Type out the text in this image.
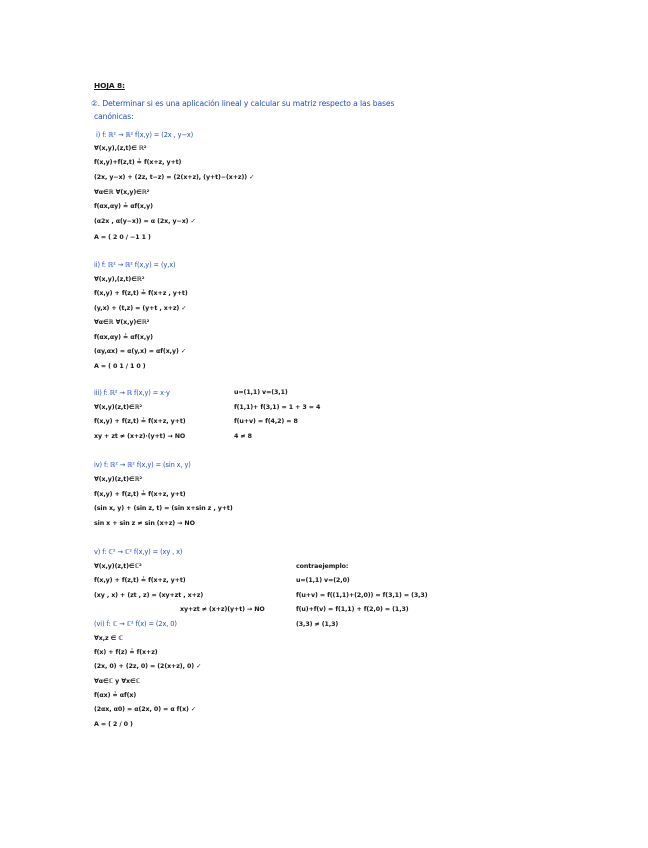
HOJA 8:
②. Determinar si es una aplicación lineal y calcular su matriz respecto a las bases
canónicas:
i) f: ℝ² → ℝ² f(x,y) = (2x , y−x)
∀(x,y),(z,t)∈ ℝ²
f(x,y)+f(z,t) ≟ f(x+z, y+t)
(2x, y−x) + (2z, t−z) = (2(x+z), (y+t)−(x+z)) ✓
∀α∈ℝ ∀(x,y)∈ℝ²
f(αx,αy) ≟ αf(x,y)
(α2x , α(y−x)) = α (2x, y−x) ✓
A = ( 2 0 / −1 1 )
ii) f: ℝ² → ℝ² f(x,y) = (y,x)
∀(x,y),(z,t)∈ℝ²
f(x,y) + f(z,t) ≟ f(x+z , y+t)
(y,x) + (t,z) = (y+t , x+z) ✓
∀α∈ℝ ∀(x,y)∈ℝ²
f(αx,αy) ≟ αf(x,y)
(αy,αx) = α(y,x) = αf(x,y) ✓
A = ( 0 1 / 1 0 )
iii) f: ℝ² → ℝ f(x,y) = x·y	u=(1,1) v=(3,1)
∀(x,y)(z,t)∈ℝ²
f(x,y) + f(z,t) ≟ f(x+z, y+t)
xy + zt ≠ (x+z)·(y+t) → NO
f(1,1)+ f(3,1) = 1 + 3 = 4
f(u+v) = f(4,2) = 8
4 ≠ 8
iv) f: ℝ² → ℝ² f(x,y) = (sin x, y)
∀(x,y)(z,t)∈ℝ²
f(x,y) + f(z,t) ≟ f(x+z, y+t)
(sin x, y) + (sin z, t) = (sin x+sin z , y+t)
sin x + sin z ≠ sin (x+z) → NO
v) f: ℂ² → ℂ² f(x,y) = (xy , x)
∀(x,y)(z,t)∈ℂ²
f(x,y) + f(z,t) ≟ f(x+z, y+t)
(xy , x) + (zt , z) = (xy+zt , x+z)
xy+zt ≠ (x+z)(y+t) → NO
contraejemplo:
u=(1,1) v=(2,0)
f(u+v) = f((1,1)+(2,0)) = f(3,1) = (3,3)
f(u)+f(v) = f(1,1) + f(2,0) = (1,3)
(3,3) ≠ (1,3)
(vi) f: ℂ → ℂ² f(x) = (2x, 0)
∀x,z ∈ ℂ
f(x) + f(z) ≟ f(x+z)
(2x, 0) + (2z, 0) = (2(x+z), 0) ✓
∀α∈ℂ y ∀x∈ℂ
f(αx) ≟ αf(x)
(2αx, α0) = α(2x, 0) = α f(x) ✓
A = ( 2 / 0 )
